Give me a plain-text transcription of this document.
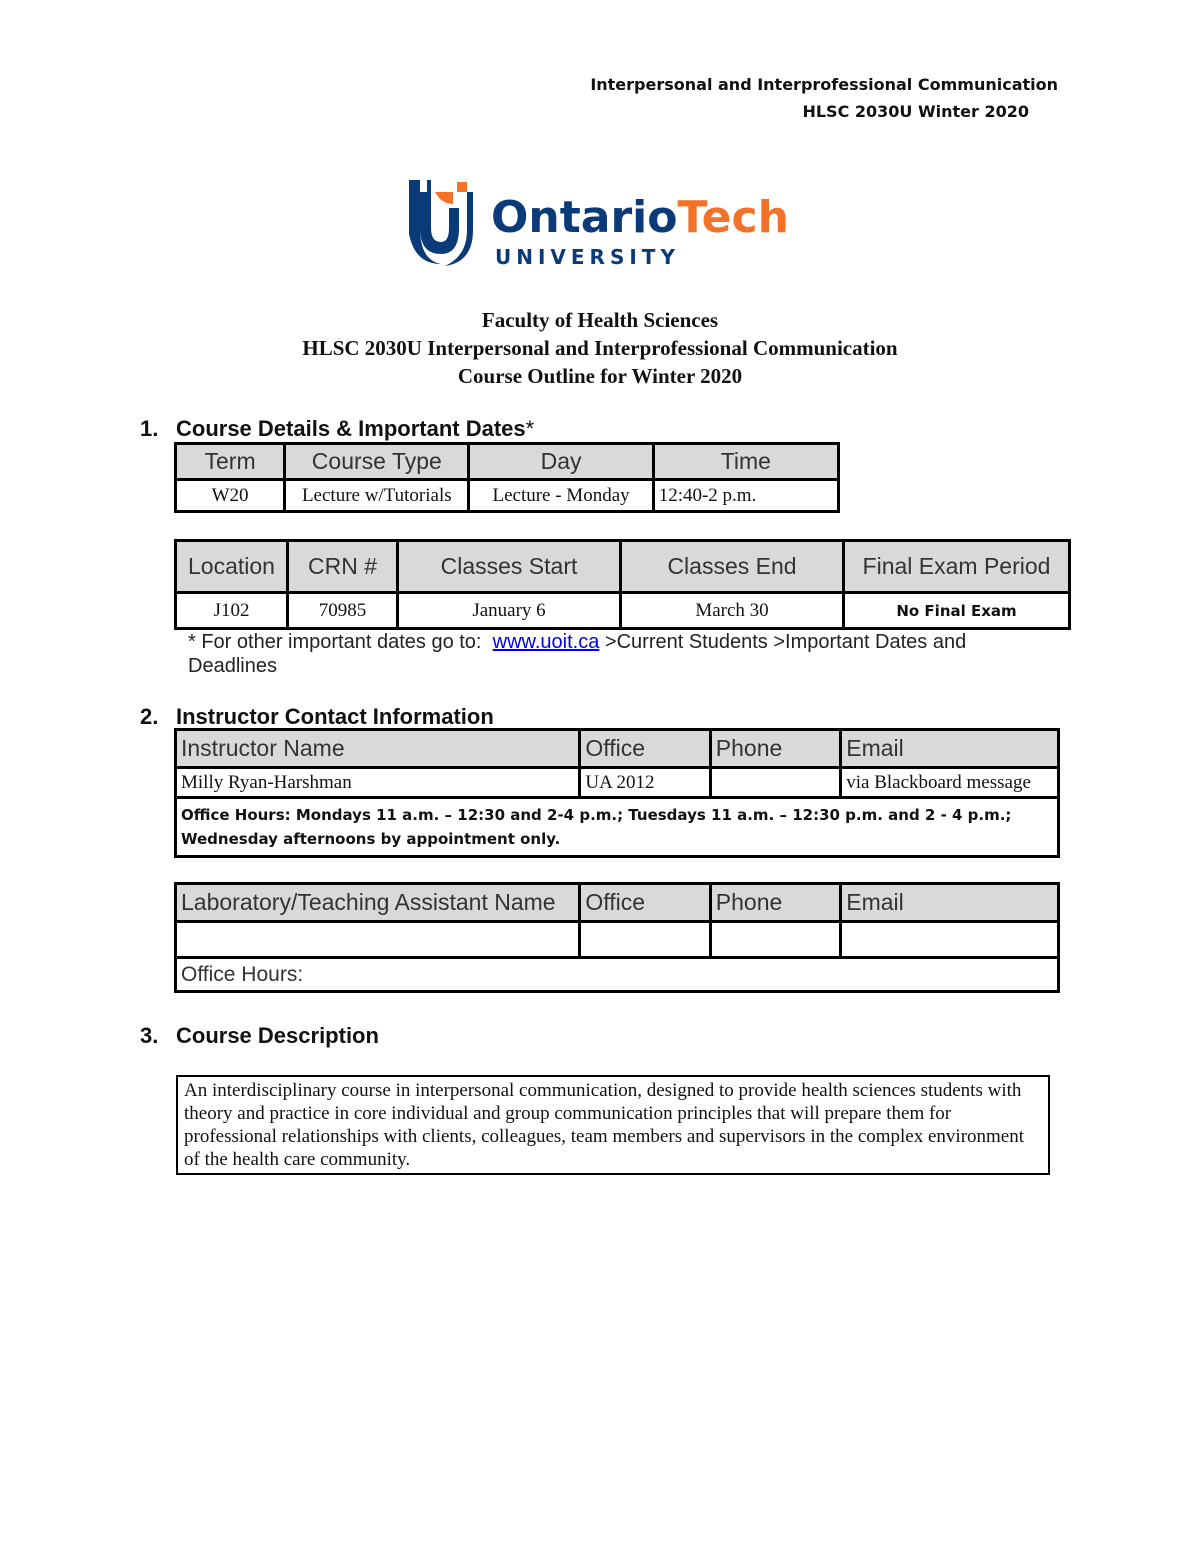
Interpersonal and Interprofessional Communication
HLSC 2030U Winter 2020
OntarioTech
UNIVERSITY
Faculty of Health Sciences
HLSC 2030U Interpersonal and Interprofessional Communication
Course Outline for Winter 2020
1. Course Details & Important Dates*
Term	Course Type	Day	Time
W20	Lecture w/Tutorials	Lecture - Monday	12:40-2 p.m.
Location	CRN #	Classes Start	Classes End	Final Exam Period
J102	70985	January 6	March 30	No Final Exam
* For other important dates go to: www.uoit.ca >Current Students >Important Dates and Deadlines
2. Instructor Contact Information
Instructor Name	Office	Phone	Email
Milly Ryan-Harshman	UA 2012		via Blackboard message
Office Hours: Mondays 11 a.m. – 12:30 and 2-4 p.m.; Tuesdays 11 a.m. – 12:30 p.m. and 2 - 4 p.m.; Wednesday afternoons by appointment only.			
Laboratory/Teaching Assistant Name	Office	Phone	Email

Office Hours:			
3. Course Description
An interdisciplinary course in interpersonal communication, designed to provide health sciences students with theory and practice in core individual and group communication principles that will prepare them for professional relationships with clients, colleagues, team members and supervisors in the complex environment of the health care community.
